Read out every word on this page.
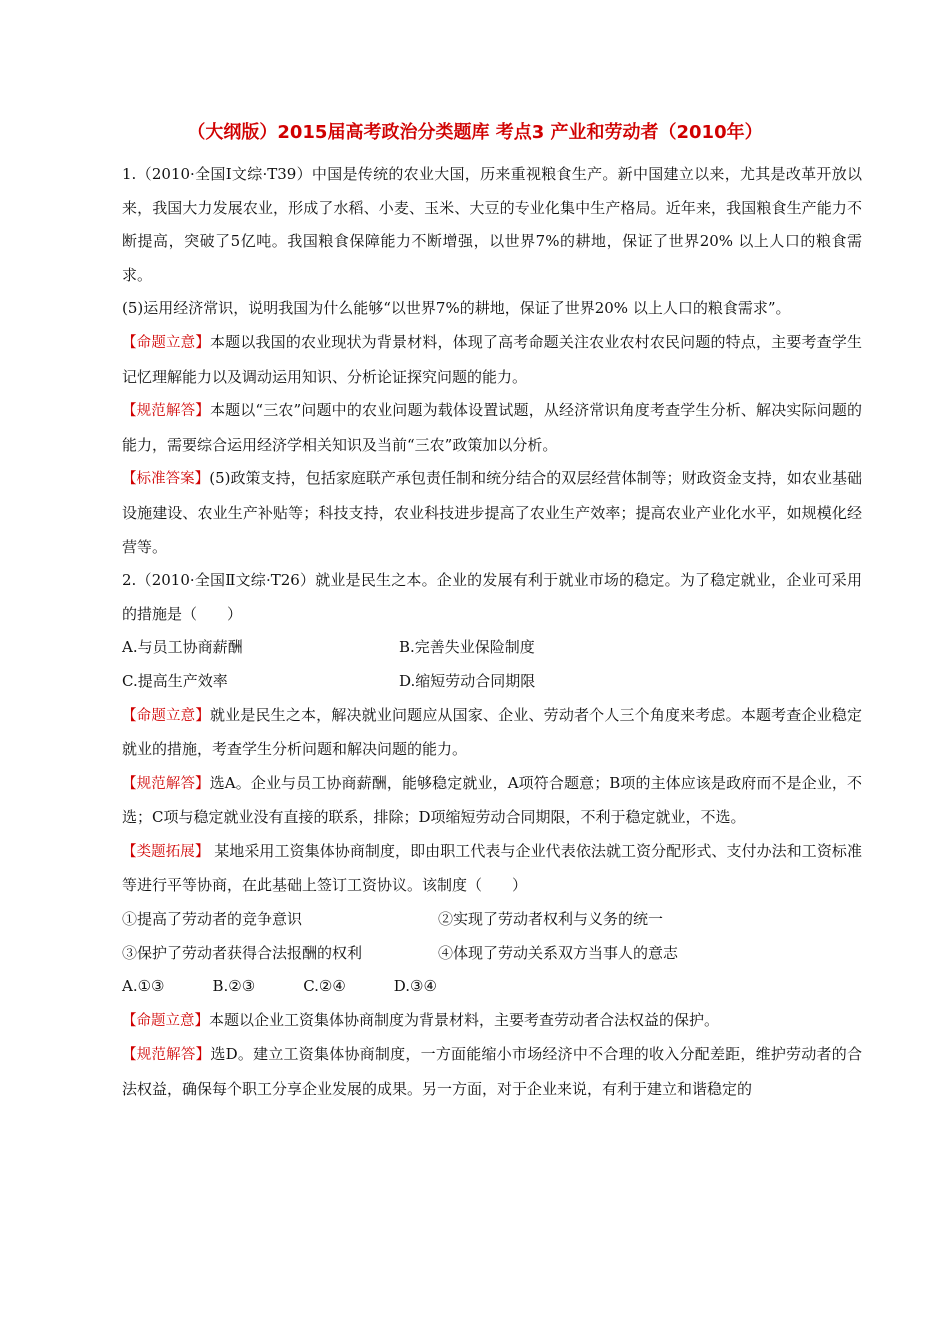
（大纲版）2015届高考政治分类题库 考点3 产业和劳动者（2010年）

1.（2010·全国Ⅰ文综·T39）中国是传统的农业大国，历来重视粮食生产。新中国建立以来，尤其是改革开放以来，我国大力发展农业，形成了水稻、小麦、玉米、大豆的专业化集中生产格局。近年来，我国粮食生产能力不断提高，突破了5亿吨。我国粮食保障能力不断增强，以世界7%的耕地，保证了世界20% 以上人口的粮食需求。

(5)运用经济常识，说明我国为什么能够“以世界7%的耕地，保证了世界20% 以上人口的粮食需求”。

【命题立意】本题以我国的农业现状为背景材料，体现了高考命题关注农业农村农民问题的特点，主要考查学生记忆理解能力以及调动运用知识、分析论证探究问题的能力。

【规范解答】本题以“三农”问题中的农业问题为载体设置试题，从经济常识角度考查学生分析、解决实际问题的能力，需要综合运用经济学相关知识及当前“三农”政策加以分析。

【标准答案】(5)政策支持，包括家庭联产承包责任制和统分结合的双层经营体制等；财政资金支持，如农业基础设施建设、农业生产补贴等；科技支持，农业科技进步提高了农业生产效率；提高农业产业化水平，如规模化经营等。

2.（2010·全国Ⅱ文综·T26）就业是民生之本。企业的发展有利于就业市场的稳定。为了稳定就业，企业可采用的措施是（　　）

A.与员工协商薪酬	B.完善失业保险制度
C.提高生产效率	D.缩短劳动合同期限

【命题立意】就业是民生之本，解决就业问题应从国家、企业、劳动者个人三个角度来考虑。本题考查企业稳定就业的措施，考查学生分析问题和解决问题的能力。

【规范解答】选A。企业与员工协商薪酬，能够稳定就业，A项符合题意；B项的主体应该是政府而不是企业，不选；C项与稳定就业没有直接的联系，排除；D项缩短劳动合同期限，不利于稳定就业，不选。

【类题拓展】 某地采用工资集体协商制度，即由职工代表与企业代表依法就工资分配形式、支付办法和工资标准等进行平等协商，在此基础上签订工资协议。该制度（　　）

①提高了劳动者的竞争意识	②实现了劳动者权利与义务的统一
③保护了劳动者获得合法报酬的权利	④体现了劳动关系双方当事人的意志
A.①③	B.②③	C.②④	D.③④

【命题立意】本题以企业工资集体协商制度为背景材料，主要考查劳动者合法权益的保护。

【规范解答】选D。建立工资集体协商制度，一方面能缩小市场经济中不合理的收入分配差距，维护劳动者的合法权益，确保每个职工分享企业发展的成果。另一方面，对于企业来说，有利于建立和谐稳定的
